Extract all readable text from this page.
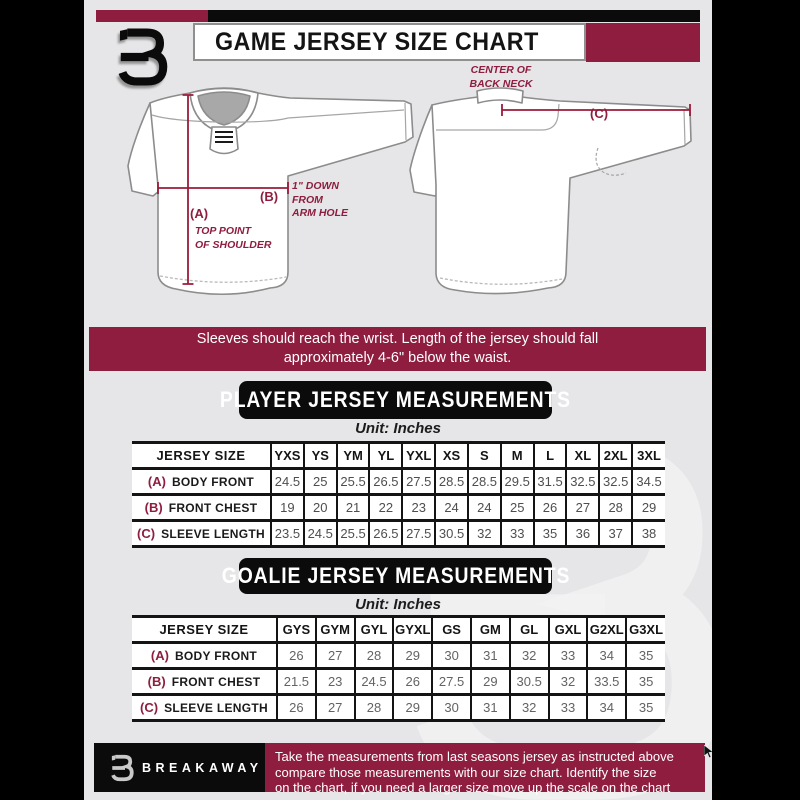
GAME JERSEY SIZE CHART
(A)
TOP POINT
OF SHOULDER
(B)
1" DOWN
FROM
ARM HOLE
(C)
CENTER OF
BACK NECK
Sleeves should reach the wrist. Length of the jersey should fall
approximately 4-6" below the waist.
PLAYER JERSEY MEASUREMENTS
Unit: Inches
JERSEY SIZE	YXS	YS	YM	YL	YXL	XS	S	M	L	XL	2XL	3XL
(A) BODY FRONT	24.5	25	25.5	26.5	27.5	28.5	28.5	29.5	31.5	32.5	32.5	34.5
(B) FRONT CHEST	19	20	21	22	23	24	24	25	26	27	28	29
(C) SLEEVE LENGTH	23.5	24.5	25.5	26.5	27.5	30.5	32	33	35	36	37	38
GOALIE JERSEY MEASUREMENTS
Unit: Inches
JERSEY SIZE	GYS	GYM	GYL	GYXL	GS	GM	GL	GXL	G2XL	G3XL
(A) BODY FRONT	26	27	28	29	30	31	32	33	34	35
(B) FRONT CHEST	21.5	23	24.5	26	27.5	29	30.5	32	33.5	35
(C) SLEEVE LENGTH	26	27	28	29	30	31	32	33	34	35
BREAKAWAY
Take the measurements from last seasons jersey as instructed above
compare those measurements with our size chart. Identify the size
on the chart, if you need a larger size move up the scale on the chart
